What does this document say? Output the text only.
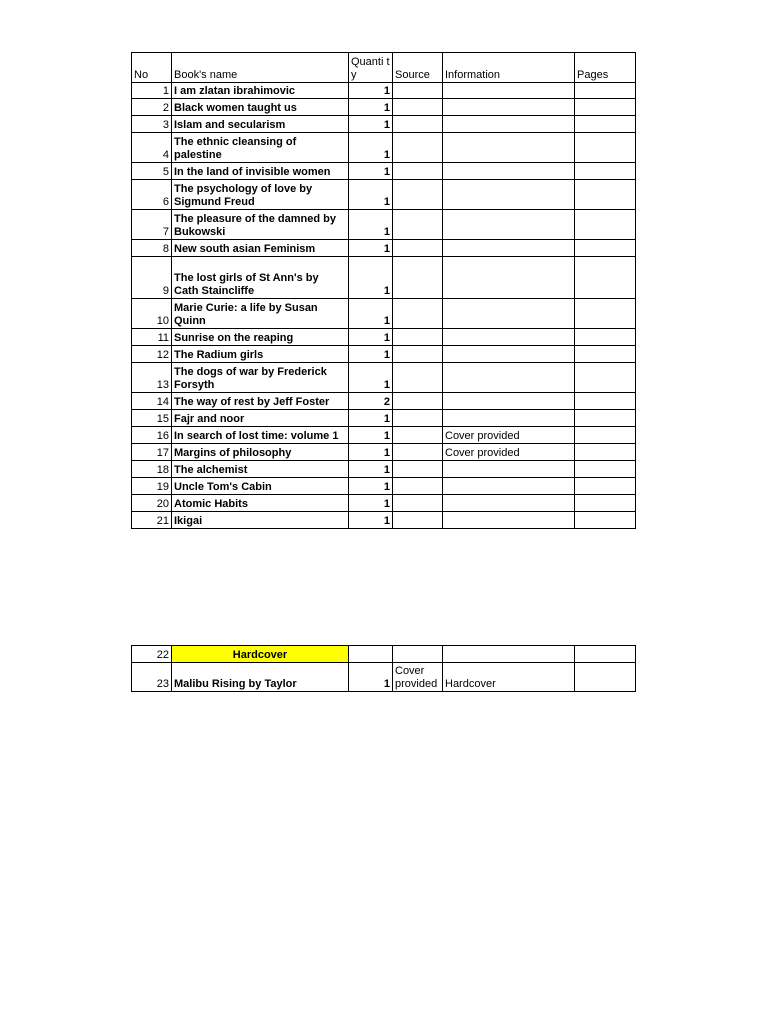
No	Book's name	Quanti ty	Source	Information	Pages
1	I am zlatan ibrahimovic	1			
2	Black women taught us	1			
3	Islam and secularism	1			
4	The ethnic cleansing of palestine	1			
5	In the land of invisible women	1			
6	The psychology of love by Sigmund Freud	1			
7	The pleasure of the damned by Bukowski	1			
8	New south asian Feminism	1			
9	The lost girls of St Ann's by Cath Staincliffe	1			
10	Marie Curie: a life by Susan Quinn	1			
11	Sunrise on the reaping	1			
12	The Radium girls	1			
13	The dogs of war by Frederick Forsyth	1			
14	The way of rest by Jeff Foster	2			
15	Fajr and noor	1			
16	In search of lost time: volume 1	1		Cover provided	
17	Margins of philosophy	1		Cover provided	
18	The alchemist	1			
19	Uncle Tom's Cabin	1			
20	Atomic Habits	1			
21	Ikigai	1			
22	Hardcover				
23	Malibu Rising by Taylor	1	Cover provided	Hardcover	
